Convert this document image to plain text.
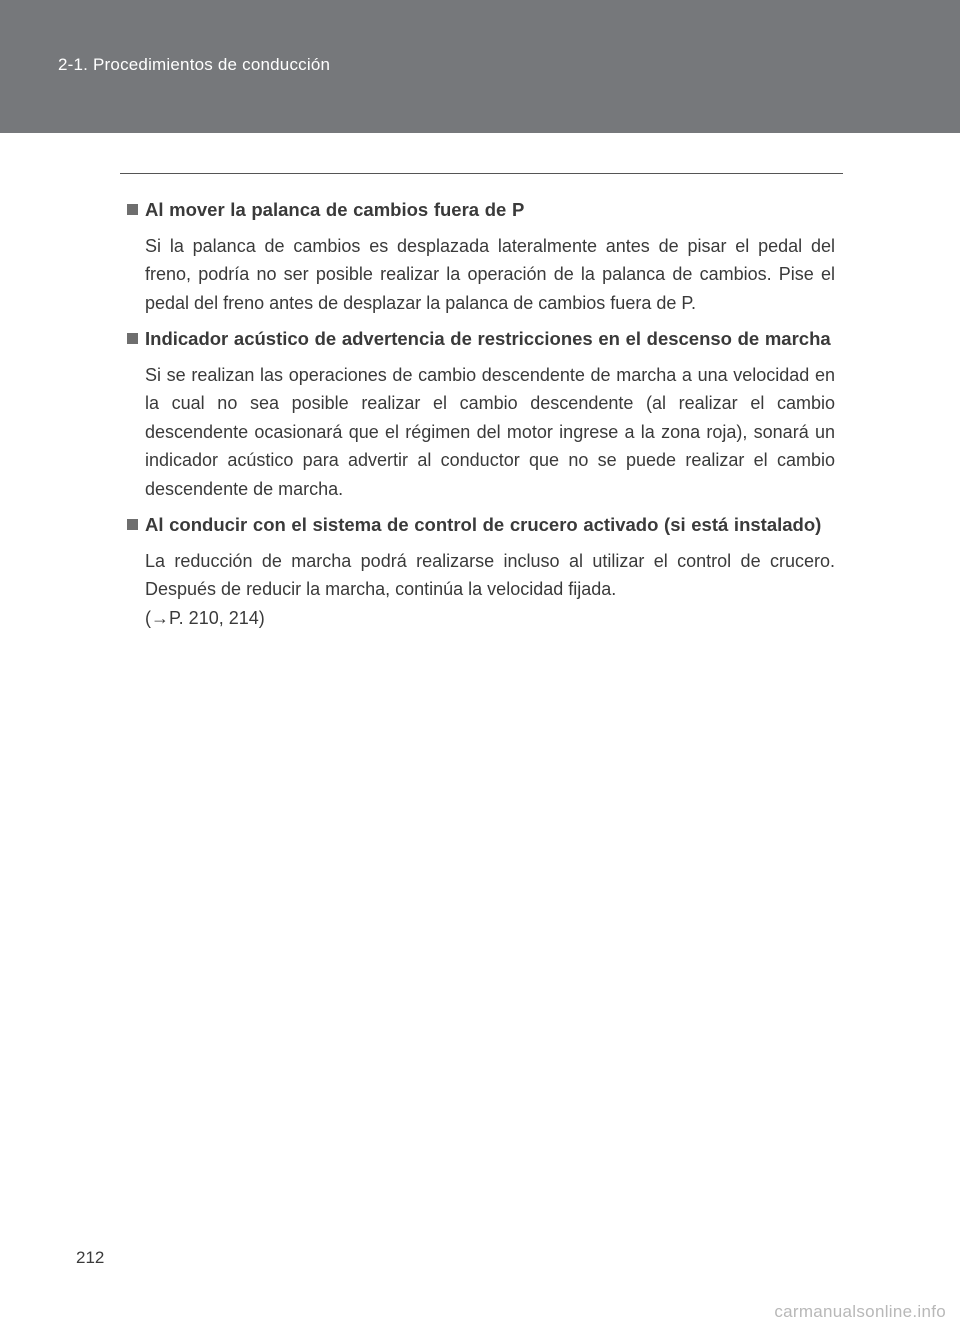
2-1. Procedimientos de conducción
Al mover la palanca de cambios fuera de P
Si la palanca de cambios es desplazada lateralmente antes de pisar el pedal del freno, podría no ser posible realizar la operación de la palanca de cambios. Pise el pedal del freno antes de desplazar la palanca de cambios fuera de P.
Indicador acústico de advertencia de restricciones en el descenso de marcha
Si se realizan las operaciones de cambio descendente de marcha a una velocidad en la cual no sea posible realizar el cambio descendente (al realizar el cambio descendente ocasionará que el régimen del motor ingrese a la zona roja), sonará un indicador acústico para advertir al conductor que no se puede realizar el cambio descendente de marcha.
Al conducir con el sistema de control de crucero activado (si está instalado)
La reducción de marcha podrá realizarse incluso al utilizar el control de crucero. Después de reducir la marcha, continúa la velocidad fijada.
(→P. 210, 214)
212
carmanualsonline.info
